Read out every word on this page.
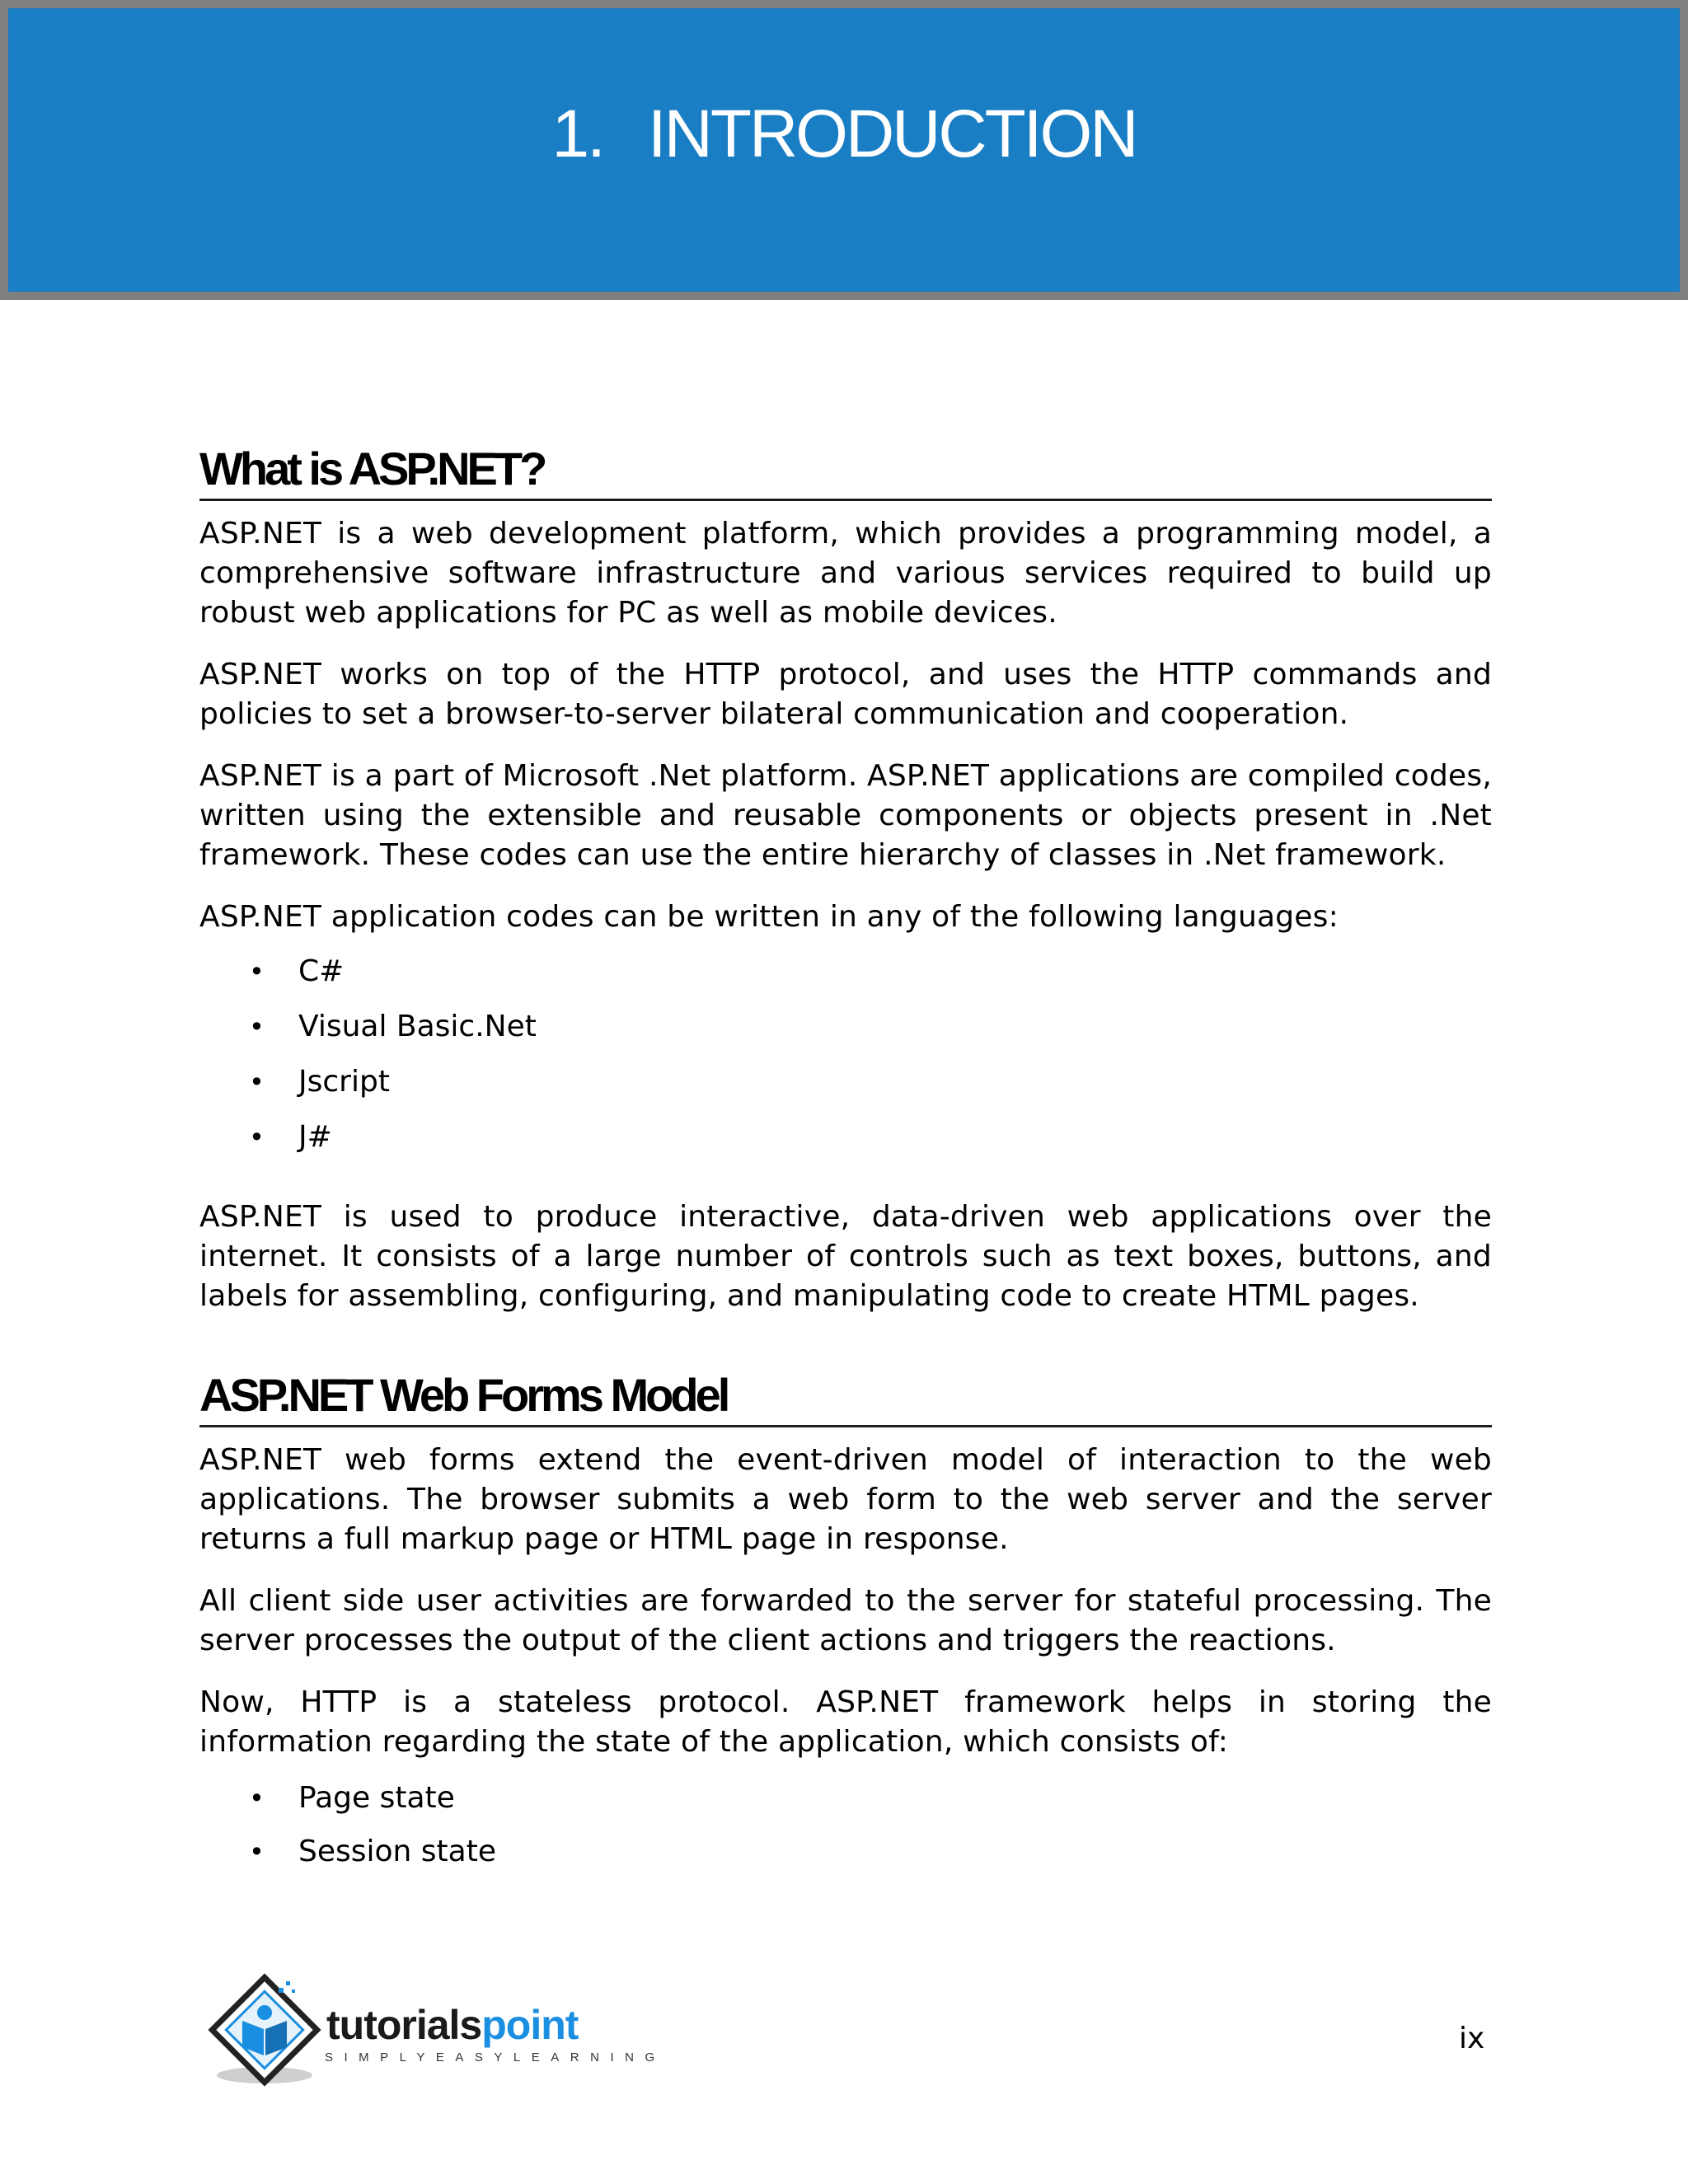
1. INTRODUCTION
What is ASP.NET?

ASP.NET is a web development platform, which provides a programming model, a comprehensive software infrastructure and various services required to build up robust web applications for PC as well as mobile devices.

ASP.NET works on top of the HTTP protocol, and uses the HTTP commands and policies to set a browser-to-server bilateral communication and cooperation.

ASP.NET is a part of Microsoft .Net platform. ASP.NET applications are compiled codes, written using the extensible and reusable components or objects present in .Net framework. These codes can use the entire hierarchy of classes in .Net framework.

ASP.NET application codes can be written in any of the following languages:

• C#
• Visual Basic.Net
• Jscript
• J#

ASP.NET is used to produce interactive, data-driven web applications over the internet. It consists of a large number of controls such as text boxes, buttons, and labels for assembling, configuring, and manipulating code to create HTML pages.

ASP.NET Web Forms Model

ASP.NET web forms extend the event-driven model of interaction to the web applications. The browser submits a web form to the web server and the server returns a full markup page or HTML page in response.

All client side user activities are forwarded to the server for stateful processing. The server processes the output of the client actions and triggers the reactions.

Now, HTTP is a stateless protocol. ASP.NET framework helps in storing the information regarding the state of the application, which consists of:

• Page state
• Session state
tutorialspoint
SIMPLYEASYLEARNING
ix
